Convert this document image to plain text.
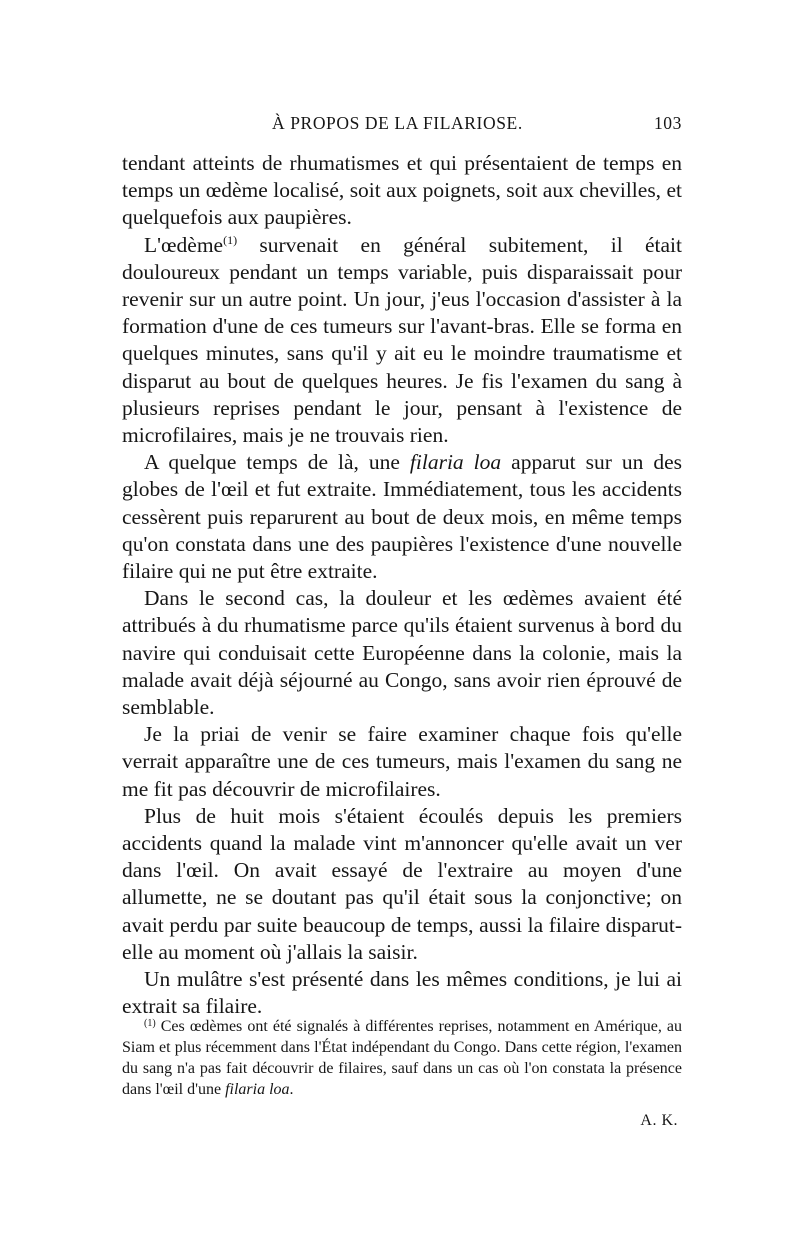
À PROPOS DE LA FILARIOSE.	103

tendant atteints de rhumatismes et qui présentaient de temps en temps un œdème localisé, soit aux poignets, soit aux chevilles, et quelquefois aux paupières.

L'œdème$^{(1)}$ survenait en général subitement, il était douloureux pendant un temps variable, puis disparaissait pour revenir sur un autre point. Un jour, j'eus l'occasion d'assister à la formation d'une de ces tumeurs sur l'avant-bras. Elle se forma en quelques minutes, sans qu'il y ait eu le moindre traumatisme et disparut au bout de quelques heures. Je fis l'examen du sang à plusieurs reprises pendant le jour, pensant à l'existence de microfilaires, mais je ne trouvais rien.

A quelque temps de là, une filaria loa apparut sur un des globes de l'œil et fut extraite. Immédiatement, tous les accidents cessèrent puis reparurent au bout de deux mois, en même temps qu'on constata dans une des paupières l'existence d'une nouvelle filaire qui ne put être extraite.

Dans le second cas, la douleur et les œdèmes avaient été attribués à du rhumatisme parce qu'ils étaient survenus à bord du navire qui conduisait cette Européenne dans la colonie, mais la malade avait déjà séjourné au Congo, sans avoir rien éprouvé de semblable.

Je la priai de venir se faire examiner chaque fois qu'elle verrait apparaître une de ces tumeurs, mais l'examen du sang ne me fit pas découvrir de microfilaires.

Plus de huit mois s'étaient écoulés depuis les premiers accidents quand la malade vint m'annoncer qu'elle avait un ver dans l'œil. On avait essayé de l'extraire au moyen d'une allumette, ne se doutant pas qu'il était sous la conjonctive; on avait perdu par suite beaucoup de temps, aussi la filaire disparut-elle au moment où j'allais la saisir.

Un mulâtre s'est présenté dans les mêmes conditions, je lui ai extrait sa filaire.

$^{(1)}$ Ces œdèmes ont été signalés à différentes reprises, notamment en Amérique, au Siam et plus récemment dans l'État indépendant du Congo. Dans cette région, l'examen du sang n'a pas fait découvrir de filaires, sauf dans un cas où l'on constata la présence dans l'œil d'une filaria loa.
A. K.
